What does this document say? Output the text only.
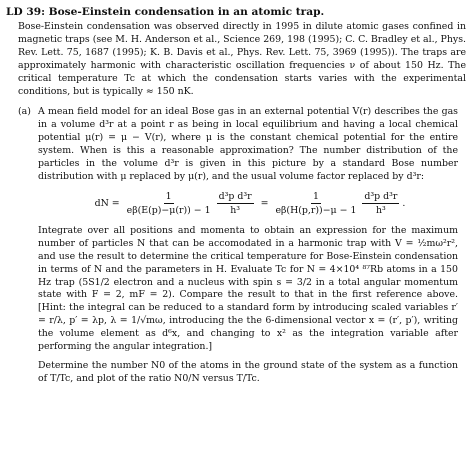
LD 39: Bose-Einstein condensation in an atomic trap.

Bose-Einstein condensation was observed directly in 1995 in dilute atomic gases confined in magnetic traps (see M. H. Anderson et al., Science 269, 198 (1995); C. C. Bradley et al., Phys. Rev. Lett. 75, 1687 (1995); K. B. Davis et al., Phys. Rev. Lett. 75, 3969 (1995)). The traps are approximately harmonic with characteristic oscillation frequencies ν of about 150 Hz. The critical temperature Tc at which the condensation starts varies with the experimental conditions, but is typically ≈ 150 nK.

(a) A mean field model for an ideal Bose gas in an external potential V(r) describes the gas in a volume d³r at a point r as being in local equilibrium and having a local chemical potential μ(r) = μ − V(r), where μ is the constant chemical potential for the entire system. When is this a reasonable approximation? The number distribution of the particles in the volume d³r is given in this picture by a standard Bose number distribution with μ replaced by μ(r), and the usual volume factor replaced by d³r:

dN = $\frac{1}{e\beta(E(p)-\mu(r)) - 1} \frac{\text{d³p d³r}}{\text{h³}} = \frac{1}{e\beta(H(p,r))-\mu - 1} \frac{\text{d³p d³r}}{\text{h³}}$ .

Integrate over all positions and momenta to obtain an expression for the maximum number of particles N that can be accomodated in a harmonic trap with V = ½mω²r², and use the result to determine the critical temperature for Bose-Einstein condensation in terms of N and the parameters in H. Evaluate Tc for N = 4×10⁴ ⁸⁷Rb atoms in a 150 Hz trap (5S1/2 electron and a nucleus with spin s = 3/2 in a total angular momentum state with F = 2, mF = 2). Compare the result to that in the first reference above. [Hint: the integral can be reduced to a standard form by introducing scaled variables r′ = r/λ, p′ = λp, λ = 1/√mω, introducing the the 6-dimensional vector x = (r′, p′), writing the volume element as d⁶x, and changing to x² as the integration variable after performing the angular integration.]

Determine the number N0 of the atoms in the ground state of the system as a function of T/Tc, and plot of the ratio N0/N versus T/Tc.
